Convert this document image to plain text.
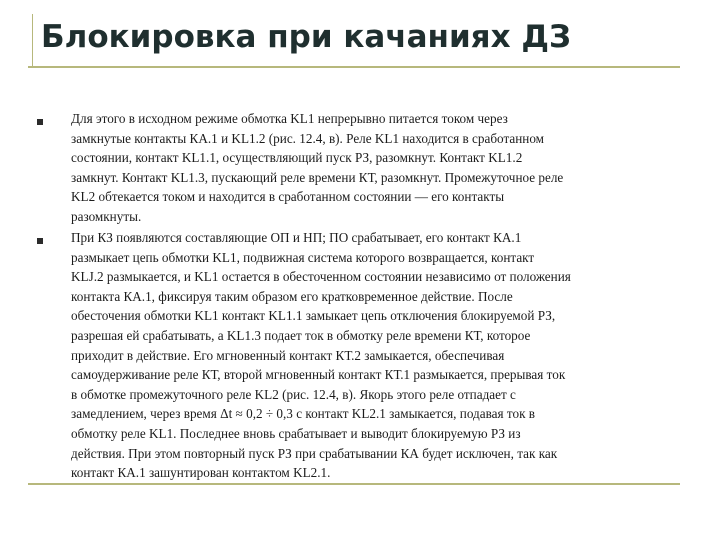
Блокировка при качаниях ДЗ
Для этого в исходном режиме обмотка KL1 непрерывно питается током через
замкнутые контакты КА.1 и KL1.2 (рис. 12.4, в). Реле KL1 находится в сработанном
состоянии, контакт KL1.1, осуществляющий пуск РЗ, разомкнут. Контакт KL1.2
замкнут. Контакт KL1.3, пускающий реле времени КТ, разомкнут. Промежуточное реле
KL2 обтекается током и находится в сработанном состоянии — его контакты
разомкнуты.
При КЗ появляются составляющие ОП и НП; ПО срабатывает, его контакт КА.1
размыкает цепь обмотки KL1, подвижная система которого возвращается, контакт
KLJ.2 размыкается, и KL1 остается в обесточенном состоянии независимо от положения
контакта КА.1, фиксируя таким образом его кратковременное действие. После
обесточения обмотки KL1 контакт KL1.1 замыкает цепь отключения блокируемой РЗ,
разрешая ей срабатывать, а KL1.3 подает ток в обмотку реле времени КТ, которое
приходит в действие. Его мгновенный контакт КТ.2 замыкается, обеспечивая
самоудерживание реле КТ, второй мгновенный контакт КТ.1 размыкается, прерывая ток
в обмотке промежуточного реле KL2 (рис. 12.4, в). Якорь этого реле отпадает с
замедлением, через время Δt ≈ 0,2 ÷ 0,3 с контакт KL2.1 замыкается, подавая ток в
обмотку реле KL1. Последнее вновь срабатывает и выводит блокируемую РЗ из
действия. При этом повторный пуск РЗ при срабатывании КА будет исключен, так как
контакт КА.1 зашунтирован контактом KL2.1.
